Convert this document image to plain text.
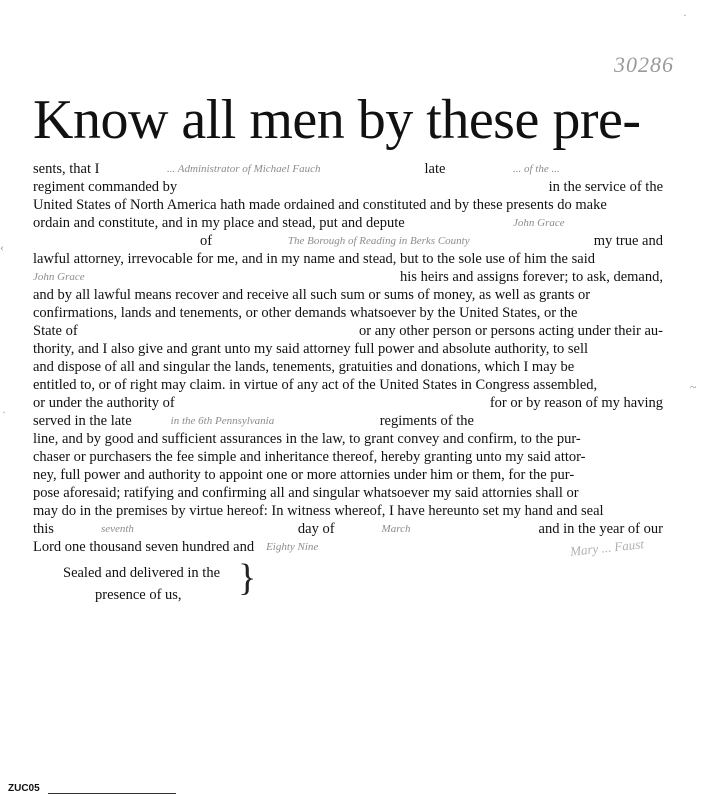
30286
Know all men by these pre-
sents, that I	... Administrator of Michael Fauch	late	... of the ...
regiment commanded by	in the service of the
United States of North America hath made ordained and constituted and by these presents do make
ordain and constitute, and in my place and stead, put and depute	John Grace
of	The Borough of Reading in Berks County	my true and
lawful attorney, irrevocable for me, and in my name and stead, but to the sole use of him the said
John Grace	his heirs and assigns forever; to ask, demand,
and by all lawful means recover and receive all such sum or sums of money, as well as grants or
confirmations, lands and tenements, or other demands whatsoever by the United States, or the
State of	or any other person or persons acting under their au-
thority, and I also give and grant unto my said attorney full power and absolute authority, to sell
and dispose of all and singular the lands, tenements, gratuities and donations, which I may be
entitled to, or of right may claim. in virtue of any act of the United States in Congress assembled,
or under the authority of	for or by reason of my having
served in the late	in the 6th Pennsylvania	regiments of the
line, and by good and sufficient assurances in the law, to grant convey and confirm, to the pur-
chaser or purchasers the fee simple and inheritance thereof, hereby granting unto my said attor-
ney, full power and authority to appoint one or more attornies under him or them, for the pur-
pose aforesaid; ratifying and confirming all and singular whatsoever my said attornies shall or
may do in the premises by virtue hereof: In witness whereof, I have hereunto set my hand and seal
this	seventh	day of	March	and in the year of our
Lord one thousand seven hundred and Eighty Nine	Mary ... Faust
Sealed and delivered in the
presence of us,	}
‹
·
~
·
ZUC05
